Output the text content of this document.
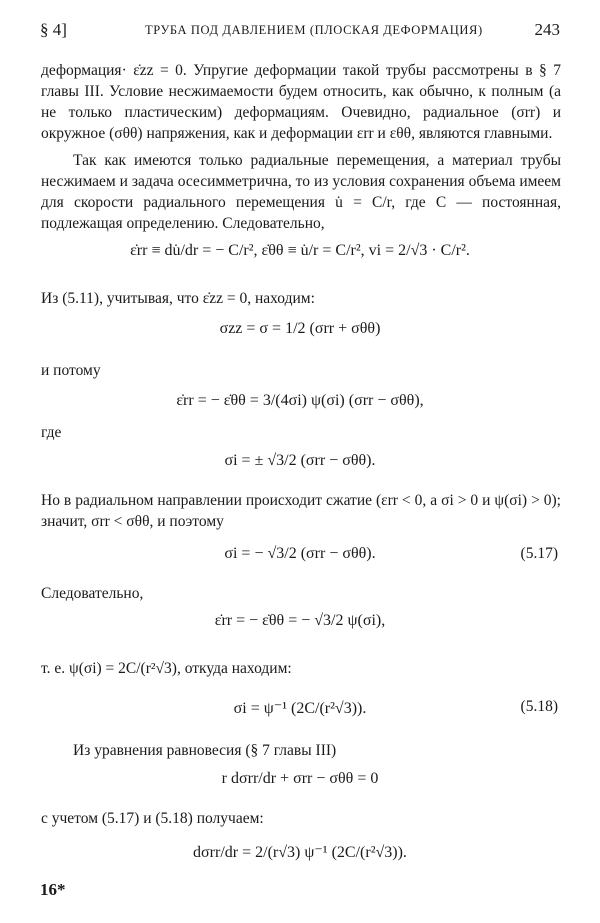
§ 4]	ТРУБА ПОД ДАВЛЕНИЕМ (ПЛОСКАЯ ДЕФОРМАЦИЯ)	243
деформация· ε̇zz = 0. Упругие деформации такой трубы рассмотрены в § 7 главы III. Условие несжимаемости будем относить, как обычно, к полным (а не только пластическим) деформациям. Очевидно, радиальное (σrr) и окружное (σθθ) напряжения, как и деформации εrr и εθθ, являются главными.
Так как имеются только радиальные перемещения, а материал трубы несжимаем и задача осесимметрична, то из условия сохранения объема имеем для скорости радиального перемещения u̇ = C/r, где C — постоянная, подлежащая определению. Следовательно,
ε̇rr ≡ du̇/dr = − C/r², ε̇θθ ≡ u̇/r = C/r², vi = 2/√3 · C/r².
Из (5.11), учитывая, что ε̇zz = 0, находим:
σzz = σ = 1/2 (σrr + σθθ)
и потому
ε̇rr = − ε̇θθ = 3/(4σi) ψ(σi) (σrr − σθθ),
где
σi = ± √3/2 (σrr − σθθ).
Но в радиальном направлении происходит сжатие (εrr < 0, а σi > 0 и ψ(σi) > 0); значит, σrr < σθθ, и поэтому
σi = − √3/2 (σrr − σθθ).	(5.17)
Следовательно,
ε̇rr = − ε̇θθ = − √3/2 ψ(σi),
т. е. ψ(σi) = 2C/(r²√3), откуда находим:
σi = ψ⁻¹ (2C/(r²√3)).	(5.18)
Из уравнения равновесия (§ 7 главы III)
r dσrr/dr + σrr − σθθ = 0
с учетом (5.17) и (5.18) получаем:
dσrr/dr = 2/(r√3) ψ⁻¹ (2C/(r²√3)).
16*
